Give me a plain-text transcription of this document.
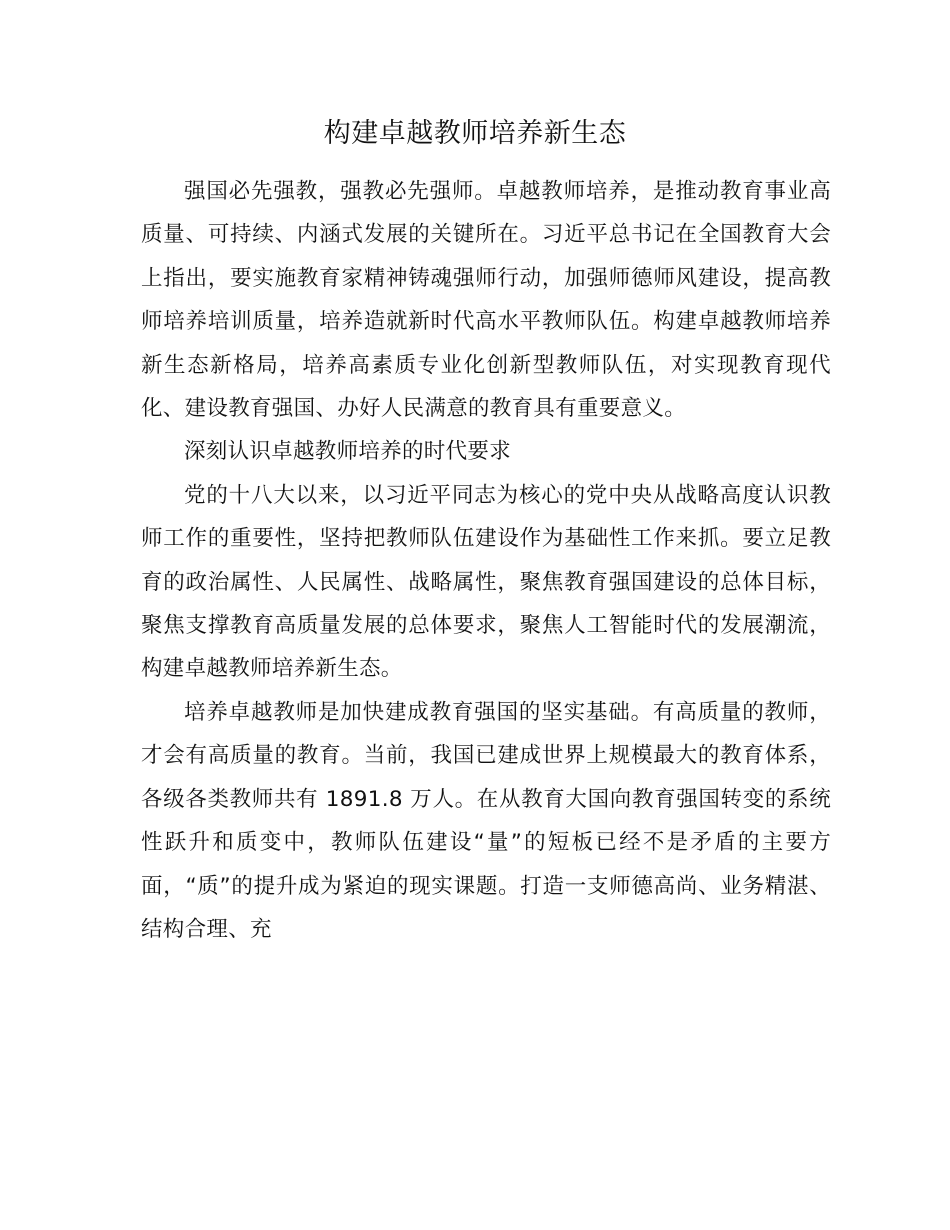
构建卓越教师培养新生态

强国必先强教，强教必先强师。卓越教师培养，是推动教育事业高质量、可持续、内涵式发展的关键所在。习近平总书记在全国教育大会上指出，要实施教育家精神铸魂强师行动，加强师德师风建设，提高教师培养培训质量，培养造就新时代高水平教师队伍。构建卓越教师培养新生态新格局，培养高素质专业化创新型教师队伍，对实现教育现代化、建设教育强国、办好人民满意的教育具有重要意义。

深刻认识卓越教师培养的时代要求

党的十八大以来，以习近平同志为核心的党中央从战略高度认识教师工作的重要性，坚持把教师队伍建设作为基础性工作来抓。要立足教育的政治属性、人民属性、战略属性，聚焦教育强国建设的总体目标，聚焦支撑教育高质量发展的总体要求，聚焦人工智能时代的发展潮流，构建卓越教师培养新生态。

培养卓越教师是加快建成教育强国的坚实基础。有高质量的教师，才会有高质量的教育。当前，我国已建成世界上规模最大的教育体系，各级各类教师共有 1891.8 万人。在从教育大国向教育强国转变的系统性跃升和质变中，教师队伍建设“量”的短板已经不是矛盾的主要方面，“质”的提升成为紧迫的现实课题。打造一支师德高尚、业务精湛、结构合理、充
